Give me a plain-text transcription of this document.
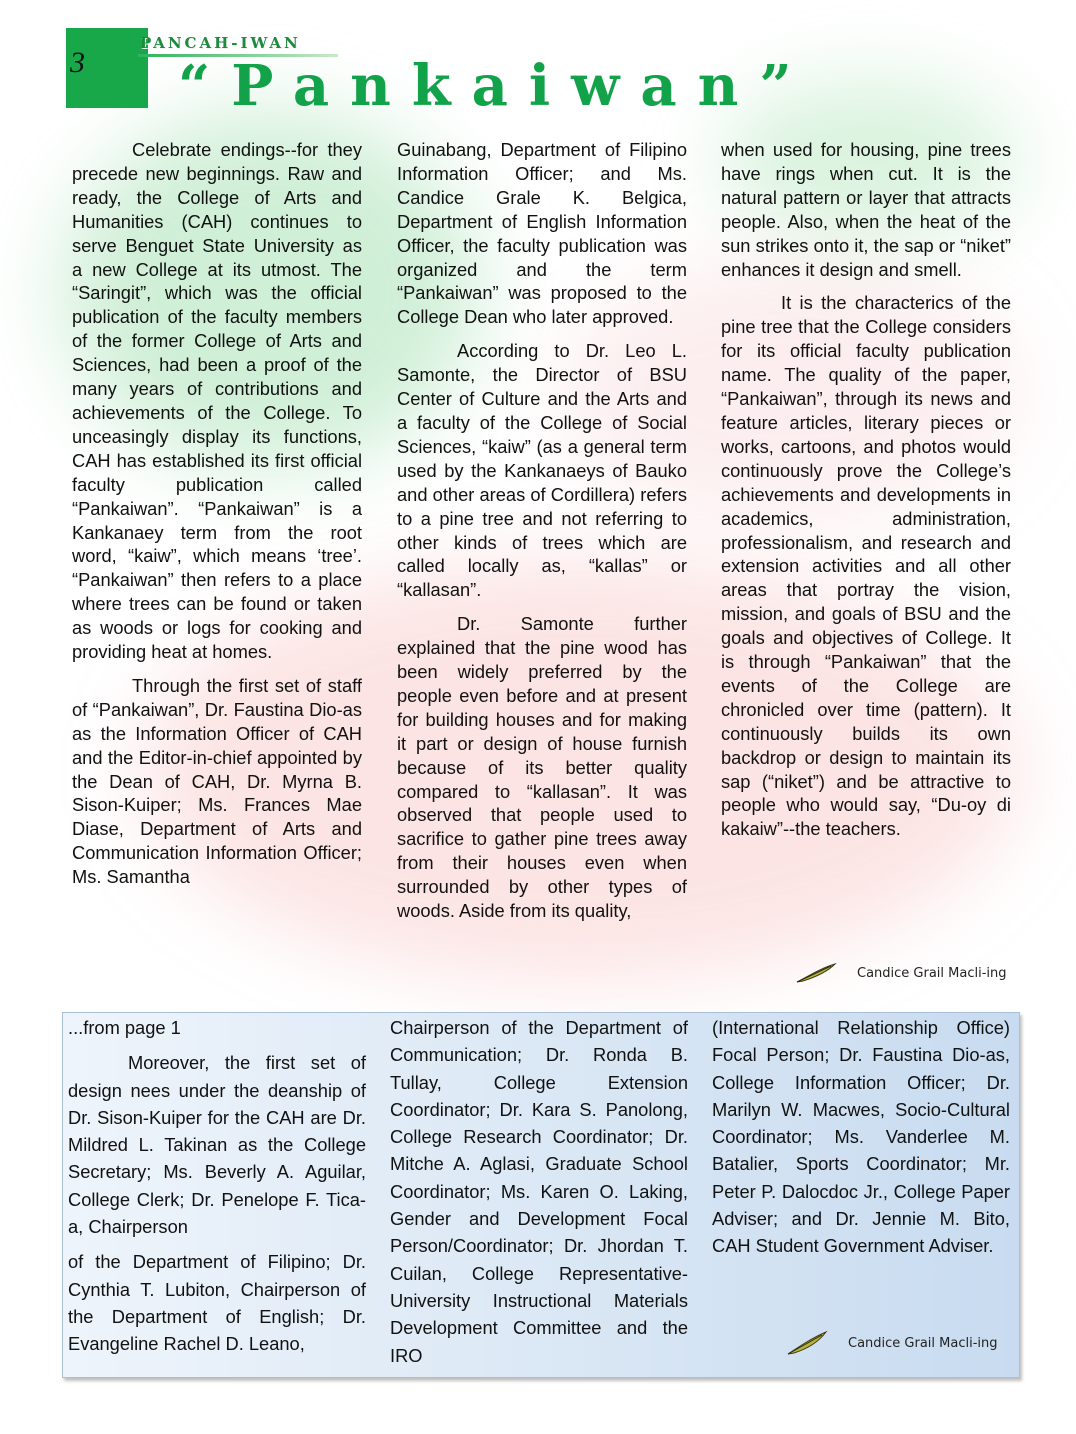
3
PANCAH-IWAN
“Pankaiwan”

Celebrate endings--for they precede new beginnings. Raw and ready, the College of Arts and Humanities (CAH) continues to serve Benguet State University as a new College at its utmost. The “Saringit”, which was the official publication of the faculty members of the former College of Arts and Sciences, had been a proof of the many years of contributions and achievements of the College. To unceasingly display its functions, CAH has established its first official faculty publication called “Pankaiwan”. “Pankaiwan” is a Kankanaey term from the root word, “kaiw”, which means ‘tree’. “Pankaiwan” then refers to a place where trees can be found or taken as woods or logs for cooking and providing heat at homes.

Through the first set of staff of “Pankaiwan”, Dr. Faustina Dio-as as the Information Officer of CAH and the Editor-in-chief appointed by the Dean of CAH, Dr. Myrna B. Sison-Kuiper; Ms. Frances Mae Diase, Department of Arts and Communication Information Officer; Ms. Samantha

Guinabang, Department of Filipino Information Officer; and Ms. Candice Grale K. Belgica, Department of English Information Officer, the faculty publication was organized and the term “Pankaiwan” was proposed to the College Dean who later approved.

According to Dr. Leo L. Samonte, the Director of BSU Center of Culture and the Arts and a faculty of the College of Social Sciences, “kaiw” (as a general term used by the Kankanaeys of Bauko and other areas of Cordillera) refers to a pine tree and not referring to other kinds of trees which are called locally as, “kallas” or “kallasan”.

Dr. Samonte further explained that the pine wood has been widely preferred by the people even before and at present for building houses and for making it part or design of house furnish because of its better quality compared to “kallasan”. It was observed that people used to sacrifice to gather pine trees away from their houses even when surrounded by other types of woods. Aside from its quality,

when used for housing, pine trees have rings when cut. It is the natural pattern or layer that attracts people. Also, when the heat of the sun strikes onto it, the sap or “niket” enhances it design and smell.

It is the characterics of the pine tree that the College considers for its official faculty publication name. The quality of the paper, “Pankaiwan”, through its news and feature articles, literary pieces or works, cartoons, and photos would continuously prove the College’s achievements and developments in academics, administration, professionalism, and research and extension activities and all other areas that portray the vision, mission, and goals of BSU and the goals and objectives of College. It is through “Pankaiwan” that the events of the College are chronicled over time (pattern). It continuously builds its own backdrop or design to maintain its sap (“niket”) and be attractive to people who would say, “Du-oy di kakaiw”--the teachers.

Candice Grail Macli-ing

...from page 1

Moreover, the first set of design nees under the deanship of Dr. Sison-Kuiper for the CAH are Dr. Mildred L. Takinan as the College Secretary; Ms. Beverly A. Aguilar, College Clerk; Dr. Penelope F. Tica-a, Chairperson

of the Department of Filipino; Dr. Cynthia T. Lubiton, Chairperson of the Department of English; Dr. Evangeline Rachel D. Leano,

Chairperson of the Department of Communication; Dr. Ronda B. Tullay, College Extension Coordinator; Dr. Kara S. Panolong, College Research Coordinator; Dr. Mitche A. Aglasi, Graduate School Coordinator; Ms. Karen O. Laking, Gender and Development Focal Person/Coordinator; Dr. Jhordan T. Cuilan, College Representative-University Instructional Materials Development Committee and the IRO

(International Relationship Office) Focal Person; Dr. Faustina Dio-as, College Information Officer; Dr. Marilyn W. Macwes, Socio-Cultural Coordinator; Ms. Vanderlee M. Batalier, Sports Coordinator; Mr. Peter P. Dalocdoc Jr., College Paper Adviser; and Dr. Jennie M. Bito, CAH Student Government Adviser.

Candice Grail Macli-ing
